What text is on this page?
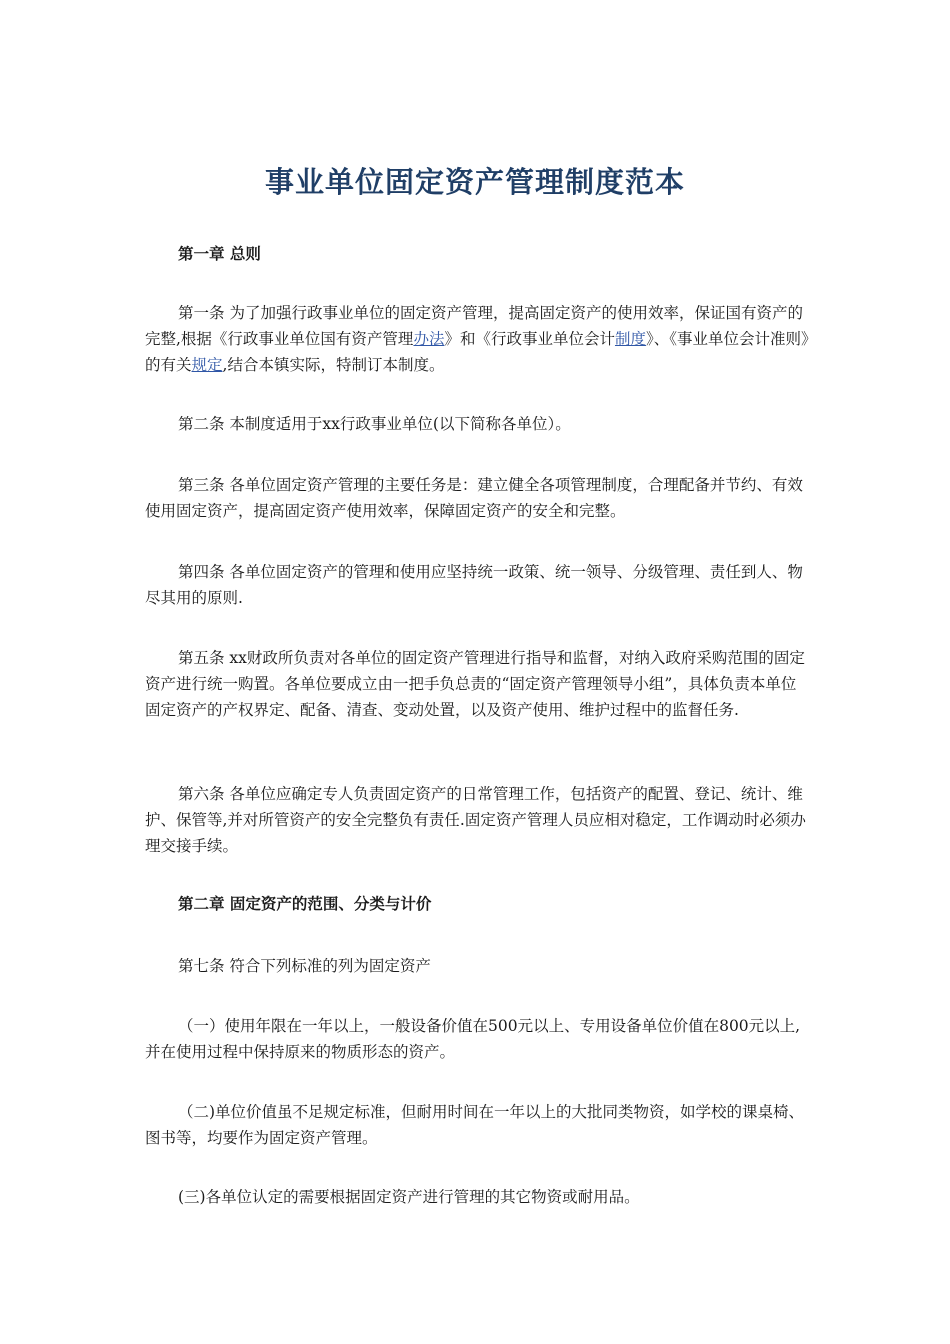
事业单位固定资产管理制度范本

第一章 总则

第一条 为了加强行政事业单位的固定资产管理，提高固定资产的使用效率，保证国有资产的完整,根据《行政事业单位国有资产管理办法》和《行政事业单位会计制度》、《事业单位会计准则》的有关规定,结合本镇实际，特制订本制度。

第二条 本制度适用于xx行政事业单位(以下简称各单位）。

第三条 各单位固定资产管理的主要任务是：建立健全各项管理制度，合理配备并节约、有效使用固定资产，提高固定资产使用效率，保障固定资产的安全和完整。

第四条 各单位固定资产的管理和使用应坚持统一政策、统一领导、分级管理、责任到人、物尽其用的原则.

第五条 xx财政所负责对各单位的固定资产管理进行指导和监督，对纳入政府采购范围的固定资产进行统一购置。各单位要成立由一把手负总责的“固定资产管理领导小组”，具体负责本单位固定资产的产权界定、配备、清查、变动处置，以及资产使用、维护过程中的监督任务.

第六条 各单位应确定专人负责固定资产的日常管理工作，包括资产的配置、登记、统计、维护、保管等,并对所管资产的安全完整负有责任.固定资产管理人员应相对稳定，工作调动时必须办理交接手续。

第二章 固定资产的范围、分类与计价

第七条 符合下列标准的列为固定资产

（一）使用年限在一年以上，一般设备价值在500元以上、专用设备单位价值在800元以上,并在使用过程中保持原来的物质形态的资产。

（二)单位价值虽不足规定标准，但耐用时间在一年以上的大批同类物资，如学校的课桌椅、图书等，均要作为固定资产管理。

(三)各单位认定的需要根据固定资产进行管理的其它物资或耐用品。
